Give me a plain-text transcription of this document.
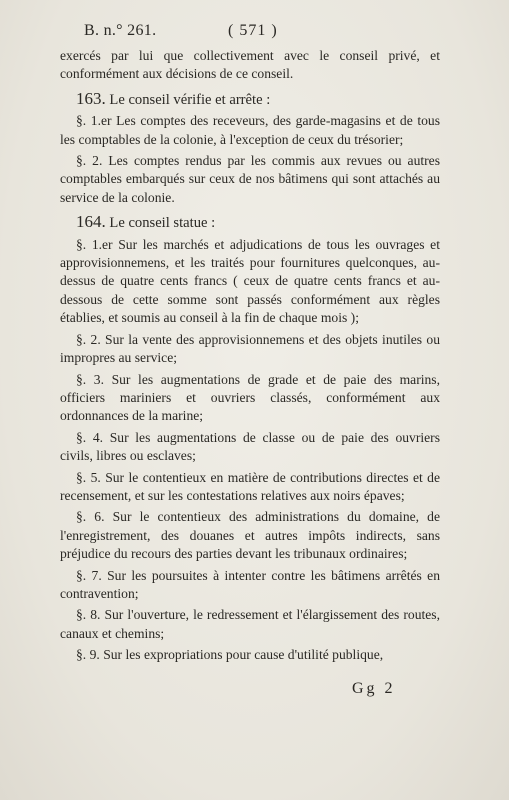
B. n.° 261.	( 571 )

exercés par lui que collectivement avec le conseil privé, et conformément aux décisions de ce conseil.

163. Le conseil vérifie et arrête :

§. 1.er Les comptes des receveurs, des garde-magasins et de tous les comptables de la colonie, à l'exception de ceux du trésorier;

§. 2. Les comptes rendus par les commis aux revues ou autres comptables embarqués sur ceux de nos bâtimens qui sont attachés au service de la colonie.

164. Le conseil statue :

§. 1.er Sur les marchés et adjudications de tous les ouvrages et approvisionnemens, et les traités pour fournitures quelconques, au-dessus de quatre cents francs ( ceux de quatre cents francs et au-dessous de cette somme sont passés conformément aux règles établies, et soumis au conseil à la fin de chaque mois );

§. 2. Sur la vente des approvisionnemens et des objets inutiles ou impropres au service;

§. 3. Sur les augmentations de grade et de paie des marins, officiers mariniers et ouvriers classés, conformément aux ordonnances de la marine;

§. 4. Sur les augmentations de classe ou de paie des ouvriers civils, libres ou esclaves;

§. 5. Sur le contentieux en matière de contributions directes et de recensement, et sur les contestations relatives aux noirs épaves;

§. 6. Sur le contentieux des administrations du domaine, de l'enregistrement, des douanes et autres impôts indirects, sans préjudice du recours des parties devant les tribunaux ordinaires;

§. 7. Sur les poursuites à intenter contre les bâtimens arrêtés en contravention;

§. 8. Sur l'ouverture, le redressement et l'élargissement des routes, canaux et chemins;

§. 9. Sur les expropriations pour cause d'utilité publique,

Gg 2
